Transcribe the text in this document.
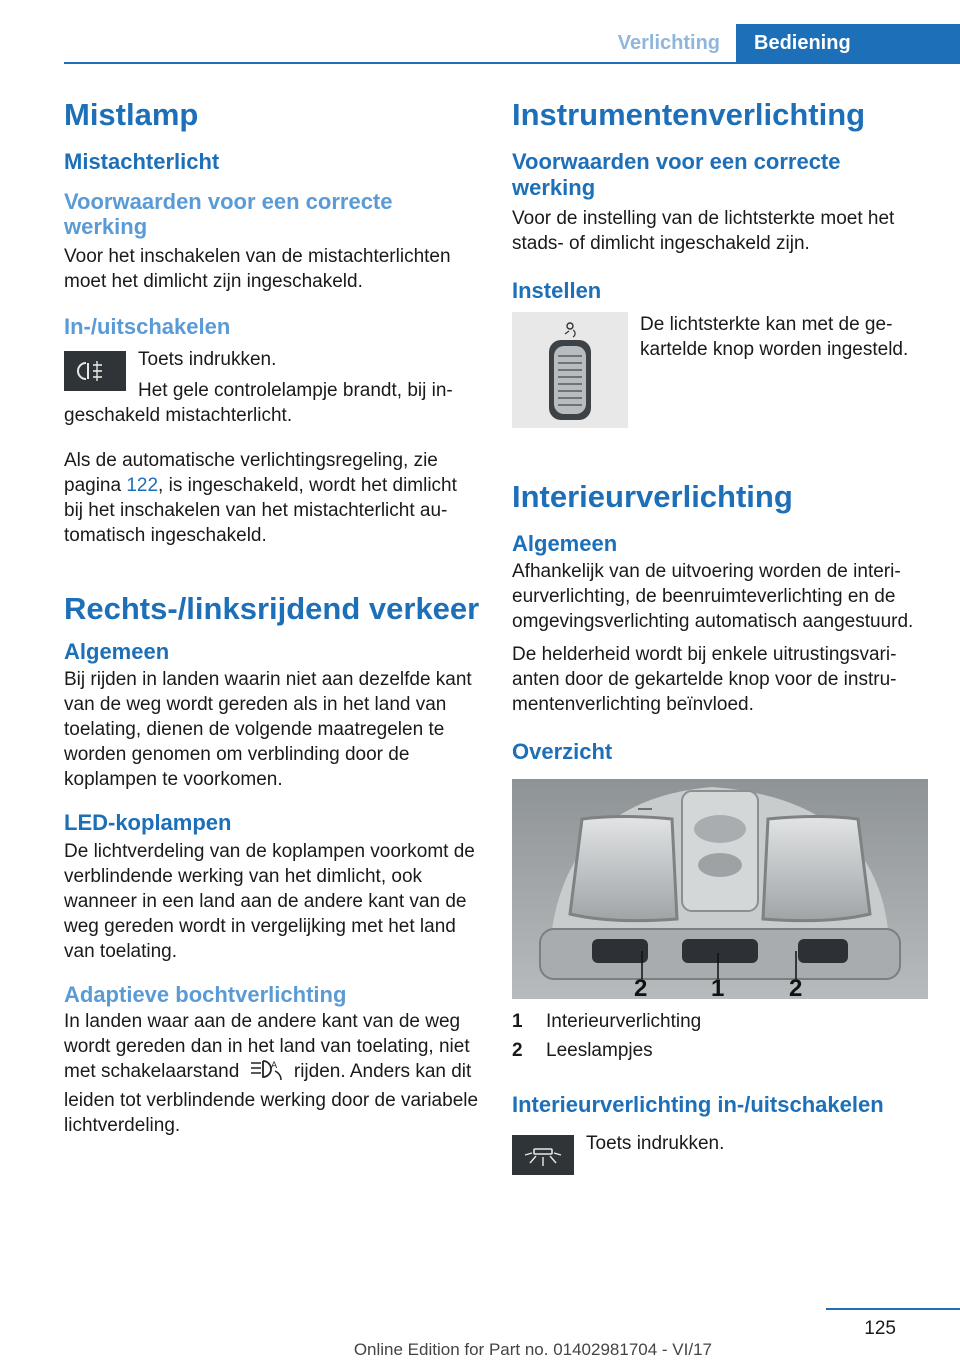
Verlichting	Bediening
Mistlamp
Mistachterlicht
Voorwaarden voor een correcte werking

Voor het inschakelen van de mistachterlichten moet het dimlicht zijn ingeschakeld.

In-/uitschakelen

Toets indrukken.

Het gele controlelampje brandt, bij in-

geschakeld mistachterlicht.

Als de automatische verlichtingsregeling, zie pagina 122, is ingeschakeld, wordt het dimlicht bij het inschakelen van het mistachterlicht automatisch ingeschakeld.

Rechts-/linksrijdend verkeer
Algemeen

Bij rijden in landen waarin niet aan dezelfde kant van de weg wordt gereden als in het land van toelating, dienen de volgende maatregelen te worden genomen om verblinding door de koplampen te voorkomen.

LED-koplampen

De lichtverdeling van de koplampen voorkomt de verblindende werking van het dimlicht, ook wanneer in een land aan de andere kant van de weg gereden wordt in vergelijking met het land van toelating.

Adaptieve bochtverlichting

In landen waar aan de andere kant van de weg wordt gereden dan in het land van toelating, niet met schakelaarstand	A rijden. Anders kan dit leiden tot verblindende werking door de variabele lichtverdeling.

Instrumentenverlichting
Voorwaarden voor een correcte werking

Voor de instelling van de lichtsterkte moet het stads- of dimlicht ingeschakeld zijn.

Instellen

De lichtsterkte kan met de gekartelde knop worden ingesteld.

Interieurverlichting
Algemeen

Afhankelijk van de uitvoering worden de interieurverlichting, de beenruimteverlichting en de omgevingsverlichting automatisch aangestuurd.

De helderheid wordt bij enkele uitrustingsvarianten door de gekartelde knop voor de instrumentenverlichting beïnvloed.

Overzicht
2	1	2
1 Interieurverlichting
2 Leeslampjes
Interieurverlichting in-/uitschakelen

Toets indrukken.

125
Online Edition for Part no. 01402981704 - VI/17
